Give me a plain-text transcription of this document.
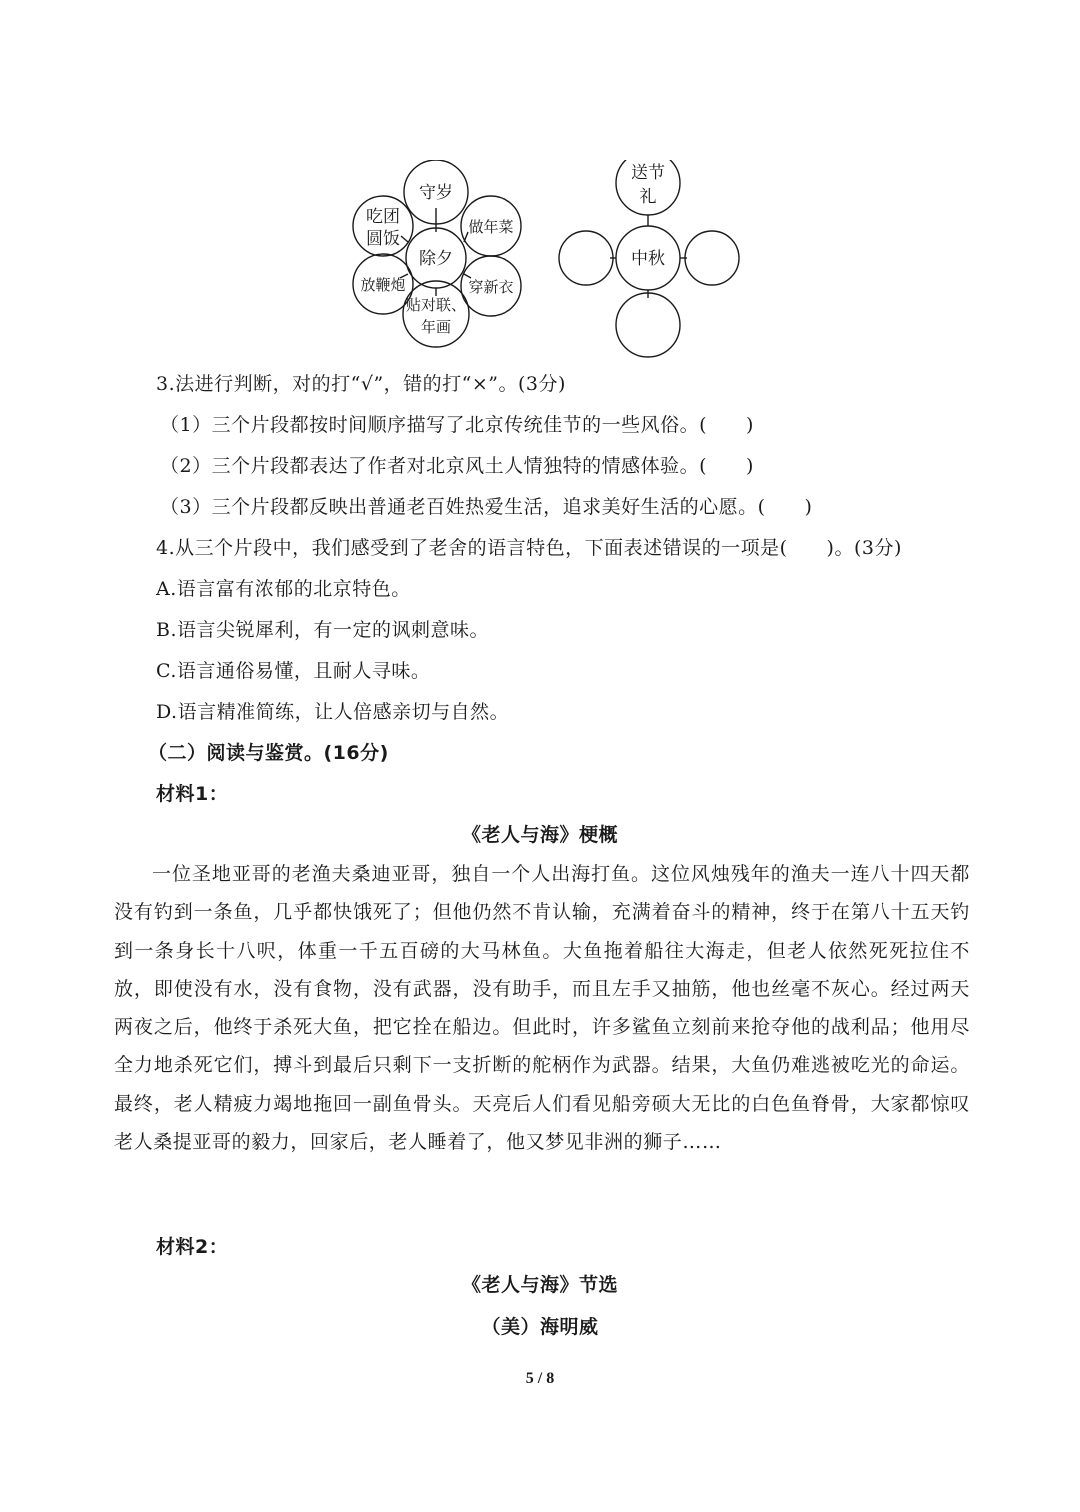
除夕
守岁
做年菜
穿新衣
贴对联、
年画
放鞭炮
吃团
圆饭
中秋
送节
礼
3.法进行判断，对的打“√”，错的打“×”。(3分)
（1）三个片段都按时间顺序描写了北京传统佳节的一些风俗。(　　)
（2）三个片段都表达了作者对北京风土人情独特的情感体验。(　　)
（3）三个片段都反映出普通老百姓热爱生活，追求美好生活的心愿。(　　)
4.从三个片段中，我们感受到了老舍的语言特色，下面表述错误的一项是(　　)。(3分)
A.语言富有浓郁的北京特色。
B.语言尖锐犀利，有一定的讽刺意味。
C.语言通俗易懂，且耐人寻味。
D.语言精准简练，让人倍感亲切与自然。
（二）阅读与鉴赏。(16分)
材料1：
《老人与海》梗概
一位圣地亚哥的老渔夫桑迪亚哥，独自一个人出海打鱼。这位风烛残年的渔夫一连八十四天都没有钓到一条鱼，几乎都快饿死了；但他仍然不肯认输，充满着奋斗的精神，终于在第八十五天钓到一条身长十八呎，体重一千五百磅的大马林鱼。大鱼拖着船往大海走，但老人依然死死拉住不放，即使没有水，没有食物，没有武器，没有助手，而且左手又抽筋，他也丝毫不灰心。经过两天两夜之后，他终于杀死大鱼，把它拴在船边。但此时，许多鲨鱼立刻前来抢夺他的战利品；他用尽全力地杀死它们，搏斗到最后只剩下一支折断的舵柄作为武器。结果，大鱼仍难逃被吃光的命运。最终，老人精疲力竭地拖回一副鱼骨头。天亮后人们看见船旁硕大无比的白色鱼脊骨，大家都惊叹老人桑提亚哥的毅力，回家后，老人睡着了，他又梦见非洲的狮子……
材料2：
《老人与海》节选
（美）海明威
5 / 8
